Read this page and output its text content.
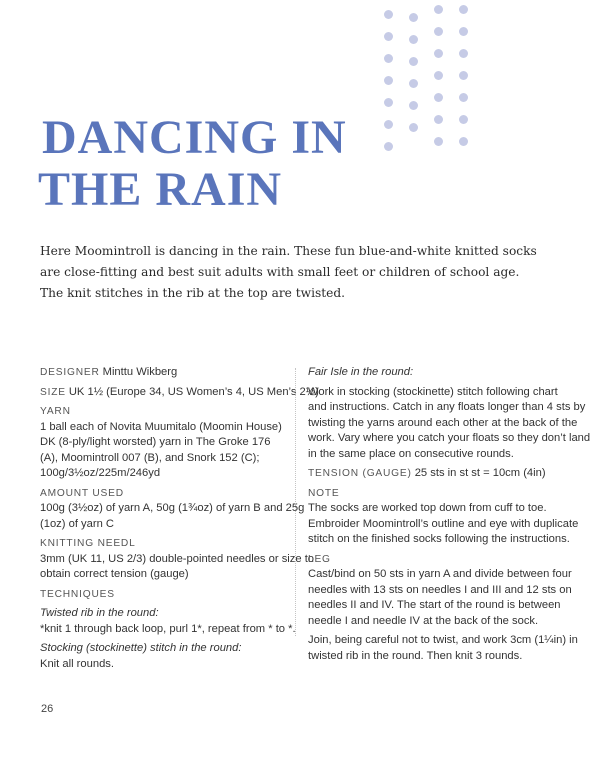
DANCING IN
THE RAIN
Here Moomintroll is dancing in the rain. These fun blue-and-white knitted socks
are close-fitting and best suit adults with small feet or children of school age.
The knit stitches in the rib at the top are twisted.
DESIGNER Minttu Wikberg
SIZE UK 1½ (Europe 34, US Women’s 4, US Men’s 2½)
YARN
1 ball each of Novita Muumitalo (Moomin House)
DK (8-ply/light worsted) yarn in The Groke 176
(A), Moomintroll 007 (B), and Snork 152 (C);
100g/3½oz/225m/246yd
AMOUNT USED
100g (3½oz) of yarn A, 50g (1¾oz) of yarn B and 25g
(1oz) of yarn C
KNITTING NEEDL
3mm (UK 11, US 2/3) double-pointed needles or size to
obtain correct tension (gauge)
TECHNIQUES
Twisted rib in the round:
*knit 1 through back loop, purl 1*, repeat from * to *.
Stocking (stockinette) stitch in the round:
Knit all rounds.
Fair Isle in the round:
Work in stocking (stockinette) stitch following chart
and instructions. Catch in any floats longer than 4 sts by
twisting the yarns around each other at the back of the
work. Vary where you catch your floats so they don’t land
in the same place on consecutive rounds.
TENSION (GAUGE) 25 sts in st st = 10cm (4in)
NOTE
The socks are worked top down from cuff to toe.
Embroider Moomintroll’s outline and eye with duplicate
stitch on the finished socks following the instructions.
LEG
Cast/bind on 50 sts in yarn A and divide between four
needles with 13 sts on needles I and III and 12 sts on
needles II and IV. The start of the round is between
needle I and needle IV at the back of the sock.
Join, being careful not to twist, and work 3cm (1¼in) in
twisted rib in the round. Then knit 3 rounds.
26
